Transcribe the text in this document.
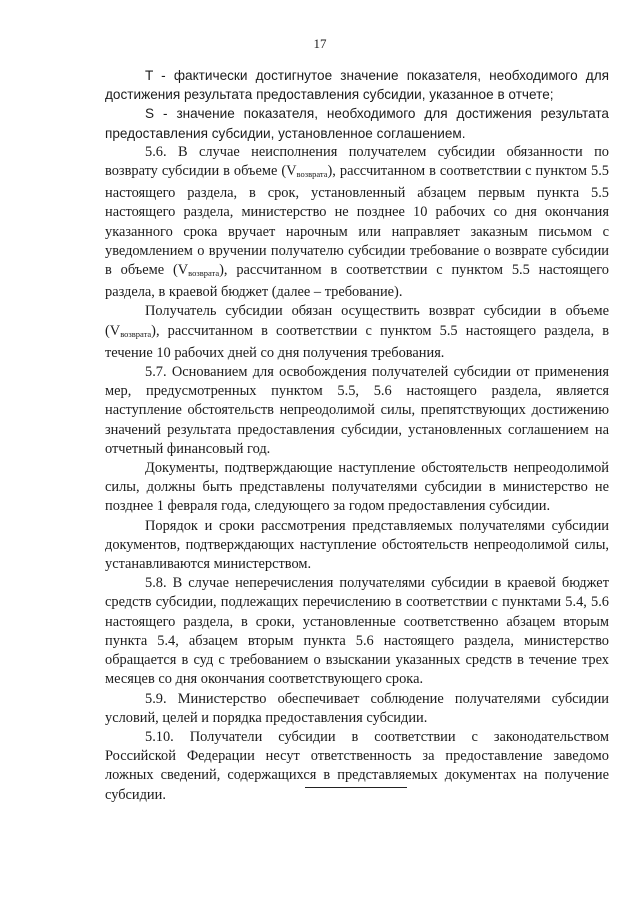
17

T - фактически достигнутое значение показателя, необходимого для достижения результата предоставления субсидии, указанное в отчете;

S - значение показателя, необходимого для достижения результата предоставления субсидии, установленное соглашением.

5.6. В случае неисполнения получателем субсидии обязанности по возврату субсидии в объеме $(V_{возврата})$, рассчитанном в соответствии с пунктом 5.5 настоящего раздела, в срок, установленный абзацем первым пункта 5.5 настоящего раздела, министерство не позднее 10 рабочих со дня окончания указанного срока вручает нарочным или направляет заказным письмом с уведомлением о вручении получателю субсидии требование о возврате субсидии в объеме $(V_{возврата})$, рассчитанном в соответствии с пунктом 5.5 настоящего раздела, в краевой бюджет (далее – требование).

Получатель субсидии обязан осуществить возврат субсидии в объеме $(V_{возврата})$, рассчитанном в соответствии с пунктом 5.5 настоящего раздела, в течение 10 рабочих дней со дня получения требования.

5.7. Основанием для освобождения получателей субсидии от применения мер, предусмотренных пунктом 5.5, 5.6 настоящего раздела, является наступление обстоятельств непреодолимой силы, препятствующих достижению значений результата предоставления субсидии, установленных соглашением на отчетный финансовый год.

Документы, подтверждающие наступление обстоятельств непреодолимой силы, должны быть представлены получателями субсидии в министерство не позднее 1 февраля года, следующего за годом предоставления субсидии.

Порядок и сроки рассмотрения представляемых получателями субсидии документов, подтверждающих наступление обстоятельств непреодолимой силы, устанавливаются министерством.

5.8. В случае неперечисления получателями субсидии в краевой бюджет средств субсидии, подлежащих перечислению в соответствии с пунктами 5.4, 5.6 настоящего раздела, в сроки, установленные соответственно абзацем вторым пункта 5.4, абзацем вторым пункта 5.6 настоящего раздела, министерство обращается в суд с требованием о взыскании указанных средств в течение трех месяцев со дня окончания соответствующего срока.

5.9. Министерство обеспечивает соблюдение получателями субсидии условий, целей и порядка предоставления субсидии.

5.10. Получатели субсидии в соответствии с законодательством Российской Федерации несут ответственность за предоставление заведомо ложных сведений, содержащихся в представляемых документах на получение субсидии.
